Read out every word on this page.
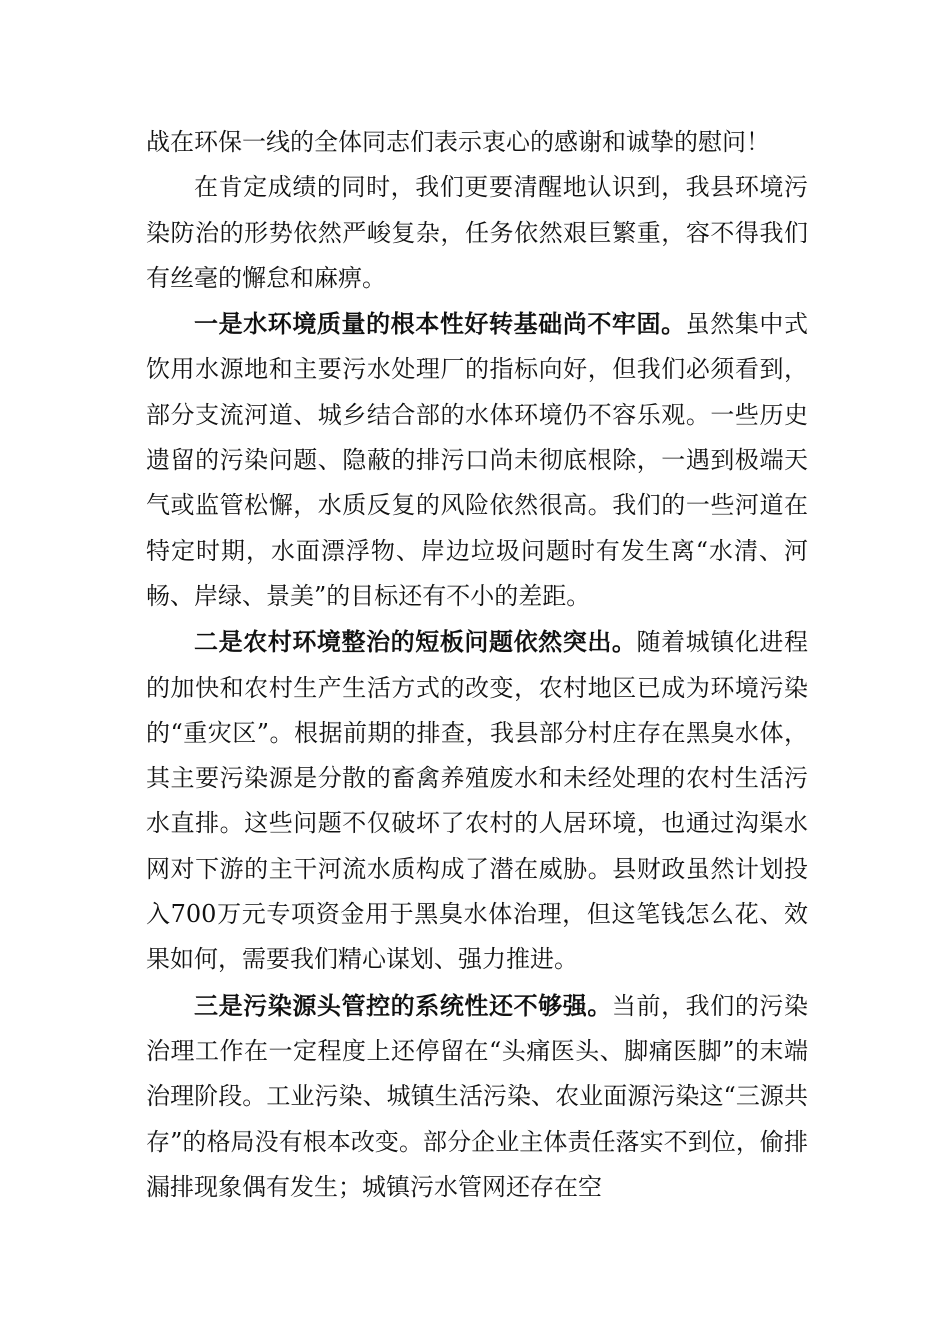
战在环保一线的全体同志们表示衷心的感谢和诚挚的慰问！

在肯定成绩的同时，我们更要清醒地认识到，我县环境污染防治的形势依然严峻复杂，任务依然艰巨繁重，容不得我们有丝毫的懈怠和麻痹。

一是水环境质量的根本性好转基础尚不牢固。虽然集中式饮用水源地和主要污水处理厂的指标向好，但我们必须看到，部分支流河道、城乡结合部的水体环境仍不容乐观。一些历史遗留的污染问题、隐蔽的排污口尚未彻底根除，一遇到极端天气或监管松懈，水质反复的风险依然很高。我们的一些河道在特定时期，水面漂浮物、岸边垃圾问题时有发生离“水清、河畅、岸绿、景美”的目标还有不小的差距。

二是农村环境整治的短板问题依然突出。随着城镇化进程的加快和农村生产生活方式的改变，农村地区已成为环境污染的“重灾区”。根据前期的排查，我县部分村庄存在黑臭水体，其主要污染源是分散的畜禽养殖废水和未经处理的农村生活污水直排。这些问题不仅破坏了农村的人居环境，也通过沟渠水网对下游的主干河流水质构成了潜在威胁。县财政虽然计划投入700万元专项资金用于黑臭水体治理，但这笔钱怎么花、效果如何，需要我们精心谋划、强力推进。

三是污染源头管控的系统性还不够强。当前，我们的污染治理工作在一定程度上还停留在“头痛医头、脚痛医脚”的末端治理阶段。工业污染、城镇生活污染、农业面源污染这“三源共存”的格局没有根本改变。部分企业主体责任落实不到位，偷排漏排现象偶有发生；城镇污水管网还存在空
